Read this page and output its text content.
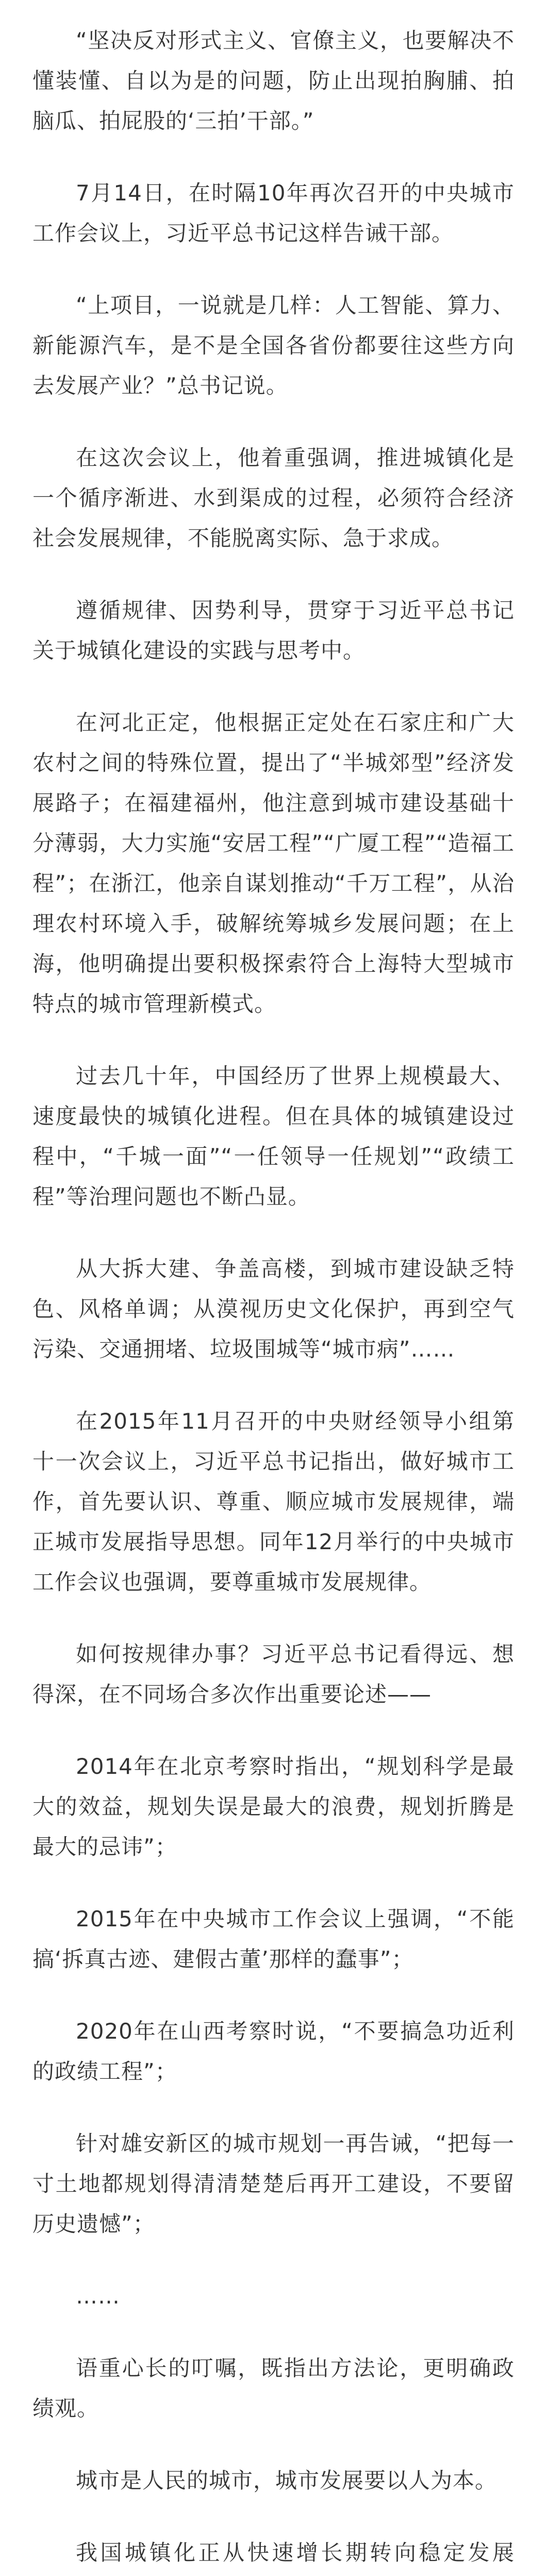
“坚决反对形式主义、官僚主义，也要解决不懂装懂、自以为是的问题，防止出现拍胸脯、拍脑瓜、拍屁股的‘三拍’干部。”

7月14日，在时隔10年再次召开的中央城市工作会议上，习近平总书记这样告诫干部。

“上项目，一说就是几样：人工智能、算力、新能源汽车，是不是全国各省份都要往这些方向去发展产业？”总书记说。

在这次会议上，他着重强调，推进城镇化是一个循序渐进、水到渠成的过程，必须符合经济社会发展规律，不能脱离实际、急于求成。

遵循规律、因势利导，贯穿于习近平总书记关于城镇化建设的实践与思考中。

在河北正定，他根据正定处在石家庄和广大农村之间的特殊位置，提出了“半城郊型”经济发展路子；在福建福州，他注意到城市建设基础十分薄弱，大力实施“安居工程”“广厦工程”“造福工程”；在浙江，他亲自谋划推动“千万工程”，从治理农村环境入手，破解统筹城乡发展问题；在上海，他明确提出要积极探索符合上海特大型城市特点的城市管理新模式。

过去几十年，中国经历了世界上规模最大、速度最快的城镇化进程。但在具体的城镇建设过程中，“千城一面”“一任领导一任规划”“政绩工程”等治理问题也不断凸显。

从大拆大建、争盖高楼，到城市建设缺乏特色、风格单调；从漠视历史文化保护，再到空气污染、交通拥堵、垃圾围城等“城市病”……

在2015年11月召开的中央财经领导小组第十一次会议上，习近平总书记指出，做好城市工作，首先要认识、尊重、顺应城市发展规律，端正城市发展指导思想。同年12月举行的中央城市工作会议也强调，要尊重城市发展规律。

如何按规律办事？习近平总书记看得远、想得深，在不同场合多次作出重要论述——

2014年在北京考察时指出，“规划科学是最大的效益，规划失误是最大的浪费，规划折腾是最大的忌讳”；

2015年在中央城市工作会议上强调，“不能搞‘拆真古迹、建假古董’那样的蠢事”；

2020年在山西考察时说，“不要搞急功近利的政绩工程”；

针对雄安新区的城市规划一再告诫，“把每一寸土地都规划得清清楚楚后再开工建设，不要留历史遗憾”；

……

语重心长的叮嘱，既指出方法论，更明确政绩观。

城市是人民的城市，城市发展要以人为本。

我国城镇化正从快速增长期转向稳定发展
